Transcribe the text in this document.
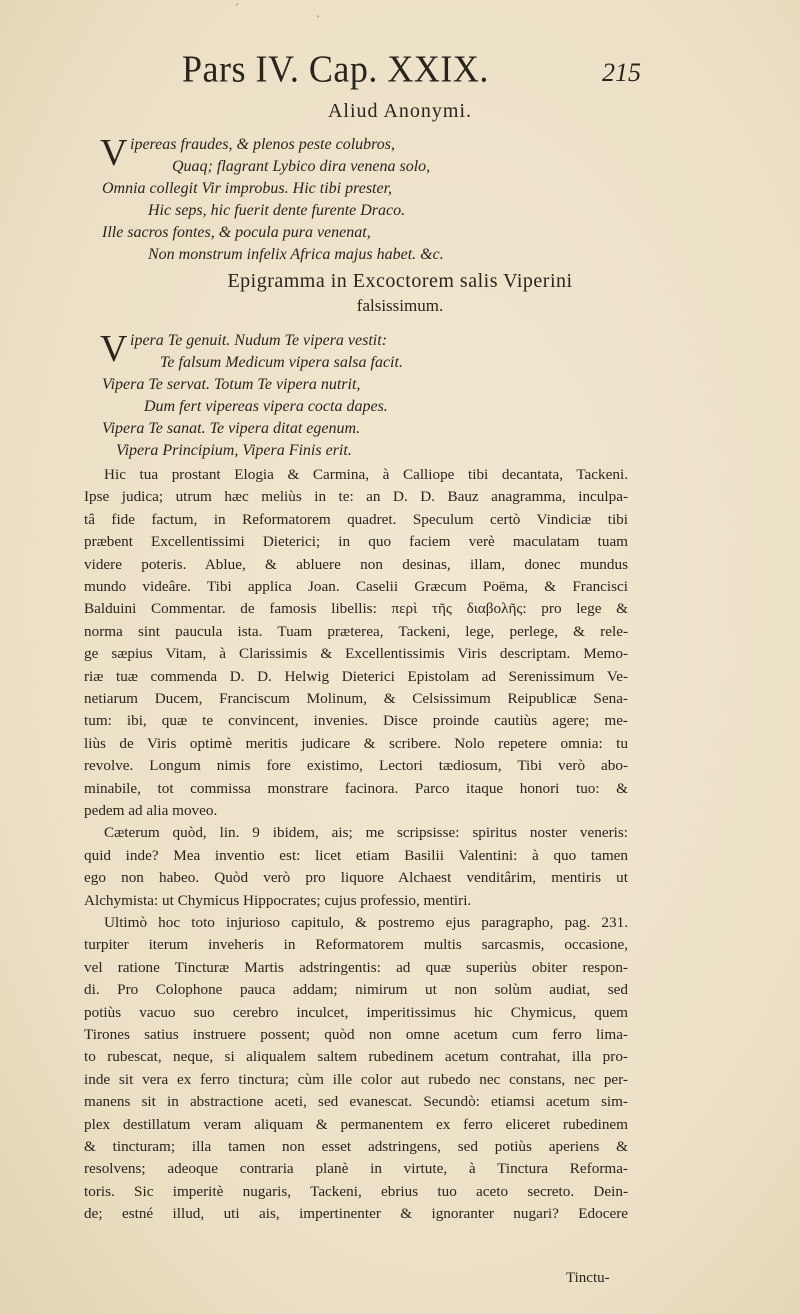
Pars IV. Cap. XXIX.	215
Aliud Anonymi.
V ipereas fraudes, & plenos peste colubros,
Quaq; flagrant Lybico dira venena solo,
Omnia collegit Vir improbus. Hic tibi prester,
Hic seps, hic fuerit dente furente Draco.
Ille sacros fontes, & pocula pura venenat,
Non monstrum infelix Africa majus habet. &c.
Epigramma in Excoctorem salis Viperini
falsissimum.
V ipera Te genuit. Nudum Te vipera vestit:
Te falsum Medicum vipera salsa facit.
Vipera Te servat. Totum Te vipera nutrit,
Dum fert vipereas vipera cocta dapes.
Vipera Te sanat. Te vipera ditat egenum.
Vipera Principium, Vipera Finis erit.
Hic tua prostant Elogia & Carmina, à Calliope tibi decantata, Tackeni.
Ipse judica; utrum hæc meliùs in te: an D. D. Bauz anagramma, inculpa-
tâ fide factum, in Reformatorem quadret. Speculum certò Vindiciæ tibi
præbent Excellentissimi Dieterici; in quo faciem verè maculatam tuam
videre poteris. Ablue, & abluere non desinas, illam, donec mundus
mundo videâre. Tibi applica Joan. Caselii Græcum Poëma, & Francisci
Balduini Commentar. de famosis libellis: περὶ τῆς διαβολῆς: pro lege &
norma sint paucula ista. Tuam præterea, Tackeni, lege, perlege, & rele-
ge sæpius Vitam, à Clarissimis & Excellentissimis Viris descriptam. Memo-
riæ tuæ commenda D. D. Helwig Dieterici Epistolam ad Serenissimum Ve-
netiarum Ducem, Franciscum Molinum, & Celsissimum Reipublicæ Sena-
tum: ibi, quæ te convincent, invenies. Disce proinde cautiùs agere; me-
liùs de Viris optimè meritis judicare & scribere. Nolo repetere omnia: tu
revolve. Longum nimis fore existimo, Lectori tædiosum, Tibi verò abo-
minabile, tot commissa monstrare facinora. Parco itaque honori tuo: &
pedem ad alia moveo.
Cæterum quòd, lin. 9 ibidem, ais; me scripsisse: spiritus noster veneris:
quid inde? Mea inventio est: licet etiam Basilii Valentini: à quo tamen
ego non habeo. Quòd verò pro liquore Alchaest venditârim, mentiris ut
Alchymista: ut Chymicus Hippocrates; cujus professio, mentiri.
Ultimò hoc toto injurioso capitulo, & postremo ejus paragrapho, pag. 231.
turpiter iterum inveheris in Reformatorem multis sarcasmis, occasione,
vel ratione Tincturæ Martis adstringentis: ad quæ superiùs obiter respon-
di. Pro Colophone pauca addam; nimirum ut non solùm audiat, sed
potiùs vacuo suo cerebro inculcet, imperitissimus hic Chymicus, quem
Tirones satius instruere possent; quòd non omne acetum cum ferro lima-
to rubescat, neque, si aliqualem saltem rubedinem acetum contrahat, illa pro-
inde sit vera ex ferro tinctura; cùm ille color aut rubedo nec constans, nec per-
manens sit in abstractione aceti, sed evanescat. Secundò: etiamsi acetum sim-
plex destillatum veram aliquam & permanentem ex ferro eliceret rubedinem
& tincturam; illa tamen non esset adstringens, sed potiùs aperiens &
resolvens; adeoque contraria planè in virtute, à Tinctura Reforma-
toris. Sic imperitè nugaris, Tackeni, ebrius tuo aceto secreto. Dein-
de; estné illud, uti ais, impertinenter & ignoranter nugari? Edocere
Tinctu-
ˊ
ˋ
